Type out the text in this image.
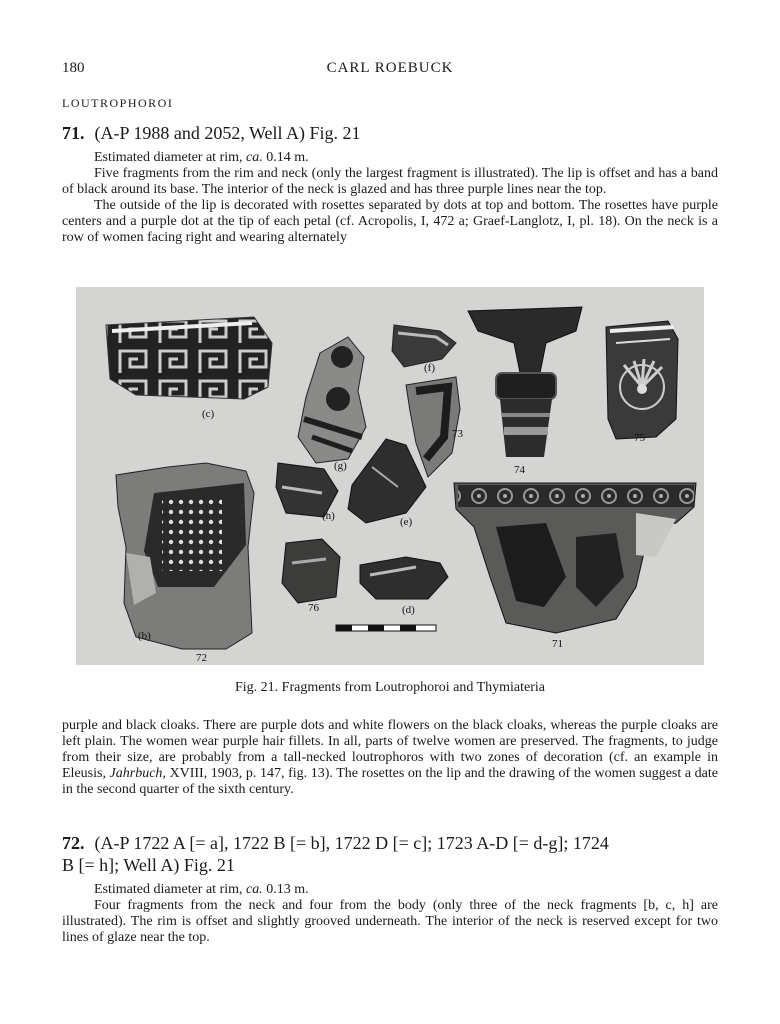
180	CARL ROEBUCK
LOUTROPHOROI
71. (A-P 1988 and 2052, Well A) Fig. 21

Estimated diameter at rim, ca. 0.14 m.

Five fragments from the rim and neck (only the largest fragment is illustrated). The lip is offset and has a band of black around its base. The interior of the neck is glazed and has three purple lines near the top.

The outside of the lip is decorated with rosettes separated by dots at top and bottom. The rosettes have purple centers and a purple dot at the tip of each petal (cf. Acropolis, I, 472 a; Graef-Langlotz, I, pl. 18). On the neck is a row of women facing right and wearing alternately

(c)
(f)
73
(g)	74
75
(h)	(e)
76	(d)
(b)
72
71
Fig. 21. Fragments from Loutrophoroi and Thymiateria

purple and black cloaks. There are purple dots and white flowers on the black cloaks, whereas the purple cloaks are left plain. The women wear purple hair fillets. In all, parts of twelve women are preserved. The fragments, to judge from their size, are probably from a tall-necked loutrophoros with two zones of decoration (cf. an example in Eleusis, Jahrbuch, XVIII, 1903, p. 147, fig. 13). The rosettes on the lip and the drawing of the women suggest a date in the second quarter of the sixth century.

72. (A-P 1722 A [= a], 1722 B [= b], 1722 D [= c]; 1723 A-D [= d-g]; 1724
B [= h]; Well A) Fig. 21

Estimated diameter at rim, ca. 0.13 m.

Four fragments from the neck and four from the body (only three of the neck fragments [b, c, h] are illustrated). The rim is offset and slightly grooved underneath. The interior of the neck is reserved except for two lines of glaze near the top.
